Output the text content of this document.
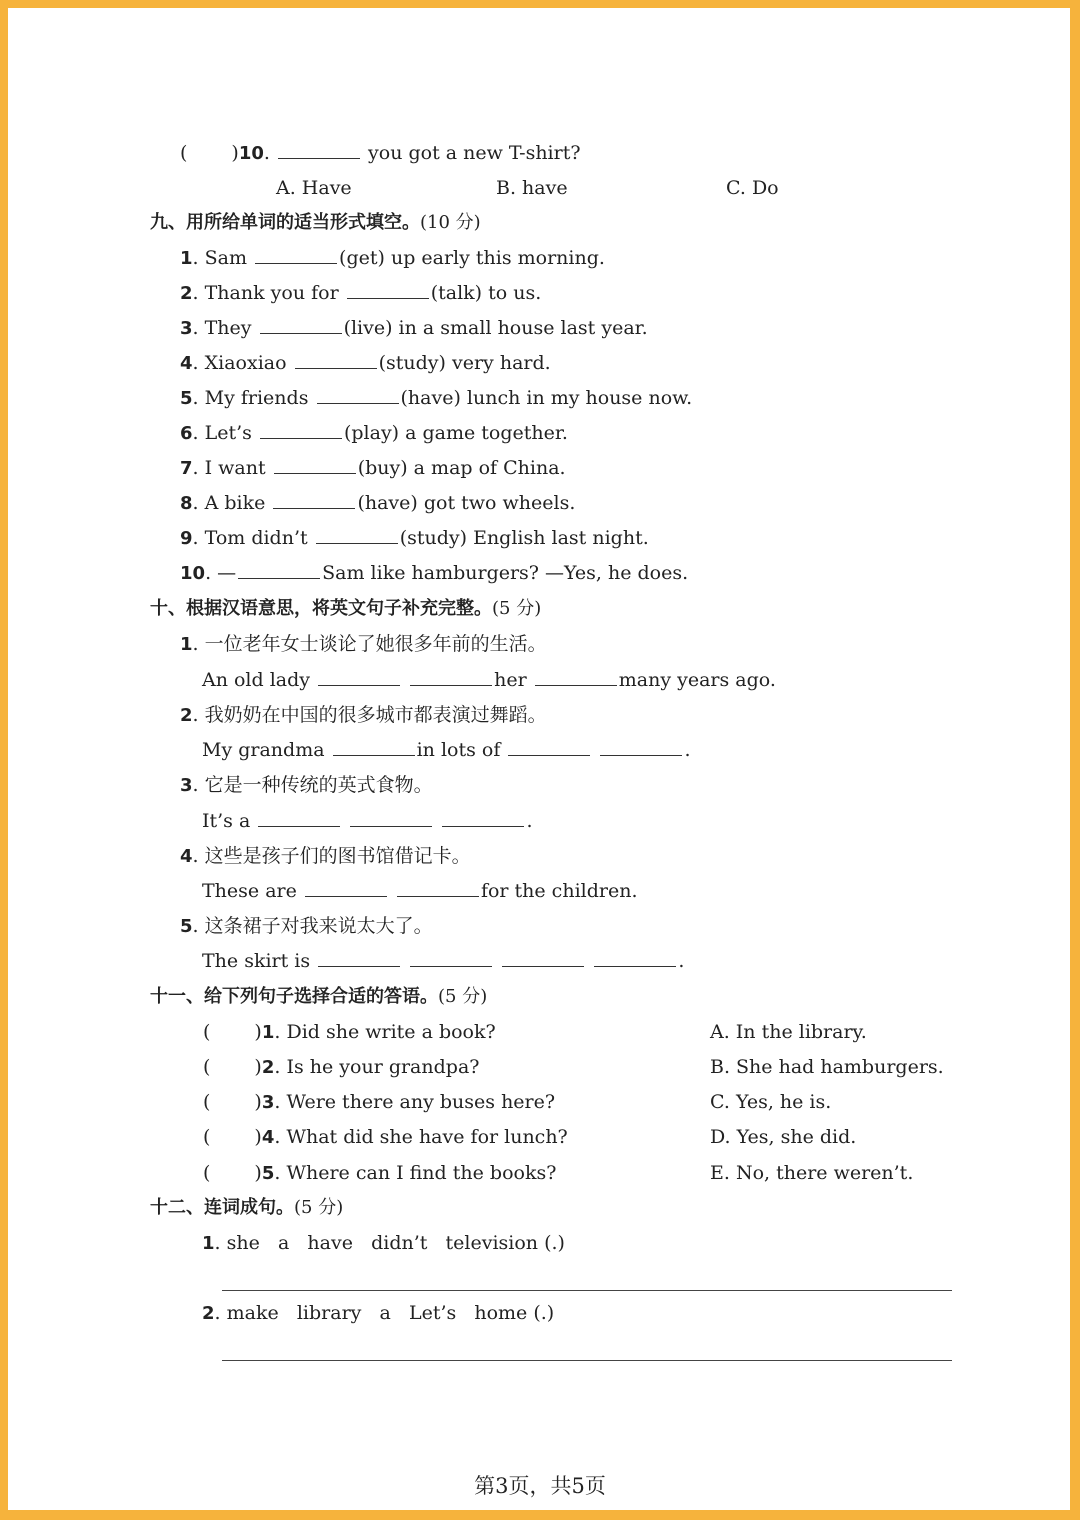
( )10.	you got a new T-shirt?
A. Have	B. have	C. Do
九、用所给单词的适当形式填空。(10 分)
1. Sam	(get) up early this morning.
2. Thank you for	(talk) to us.
3. They	(live) in a small house last year.
4. Xiaoxiao	(study) very hard.
5. My friends	(have) lunch in my house now.
6. Let’s	(play) a game together.
7. I want	(buy) a map of China.
8. A bike	(have) got two wheels.
9. Tom didn’t	(study) English last night.
10. —	Sam like hamburgers? —Yes, he does.
十、根据汉语意思，将英文句子补充完整。(5 分)
1. 一位老年女士谈论了她很多年前的生活。
An old lady	her	many years ago.
2. 我奶奶在中国的很多城市都表演过舞蹈。
My grandma	in lots of	.
3. 它是一种传统的英式食物。
It’s a	.
4. 这些是孩子们的图书馆借记卡。
These are	for the children.
5. 这条裙子对我来说太大了。
The skirt is	.
十一、给下列句子选择合适的答语。(5 分)
( )1. Did she write a book?	A. In the library.
( )2. Is he your grandpa?	B. She had hamburgers.
( )3. Were there any buses here?	C. Yes, he is.
( )4. What did she have for lunch?	D. Yes, she did.
( )5. Where can I find the books?	E. No, there weren’t.
十二、连词成句。(5 分)
1. she   a   have   didn’t   television (.)
2. make   library   a   Let’s   home (.)
第3页，共5页
